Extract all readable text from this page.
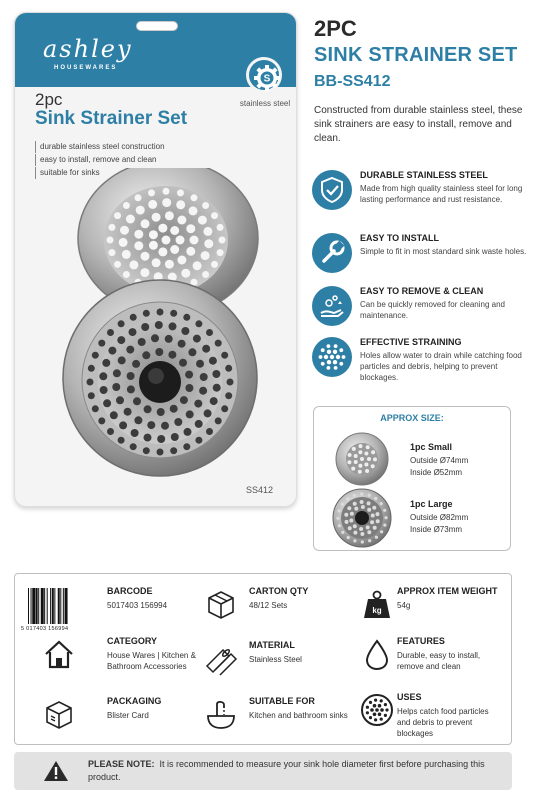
ashley
HOUSEWARES
S
stainless steel
2pc
Sink Strainer Set
durable stainless steel construction
easy to install, remove and clean
suitable for sinks
SS412
2PC
SINK STRAINER SET
BB-SS412
Constructed from durable stainless steel, these sink strainers are easy to install, remove and clean.
DURABLE STAINLESS STEEL
Made from high quality stainless steel for long lasting performance and rust resistance.
EASY TO INSTALL
Simple to fit in most standard sink waste holes.
EASY TO REMOVE & CLEAN
Can be quickly removed for cleaning and maintenance.
EFFECTIVE STRAINING
Holes allow water to drain while catching food particles and debris, helping to prevent blockages.
APPROX SIZE:
1pc Small
Outside Ø74mm
Inside Ø52mm
1pc Large
Outside Ø82mm
Inside Ø73mm
5 017403 156994
BARCODE
5017403 156994
CARTON QTY
48/12 Sets
kg
APPROX ITEM WEIGHT
54g
CATEGORY
House Wares | Kitchen & Bathroom Accessories
MATERIAL
Stainless Steel
FEATURES
Durable, easy to install, remove and clean
PACKAGING
Blister Card
SUITABLE FOR
Kitchen and bathroom sinks
USES
Helps catch food particles and debris to prevent blockages
PLEASE NOTE: It is recommended to measure your sink hole diameter first before purchasing this product.
